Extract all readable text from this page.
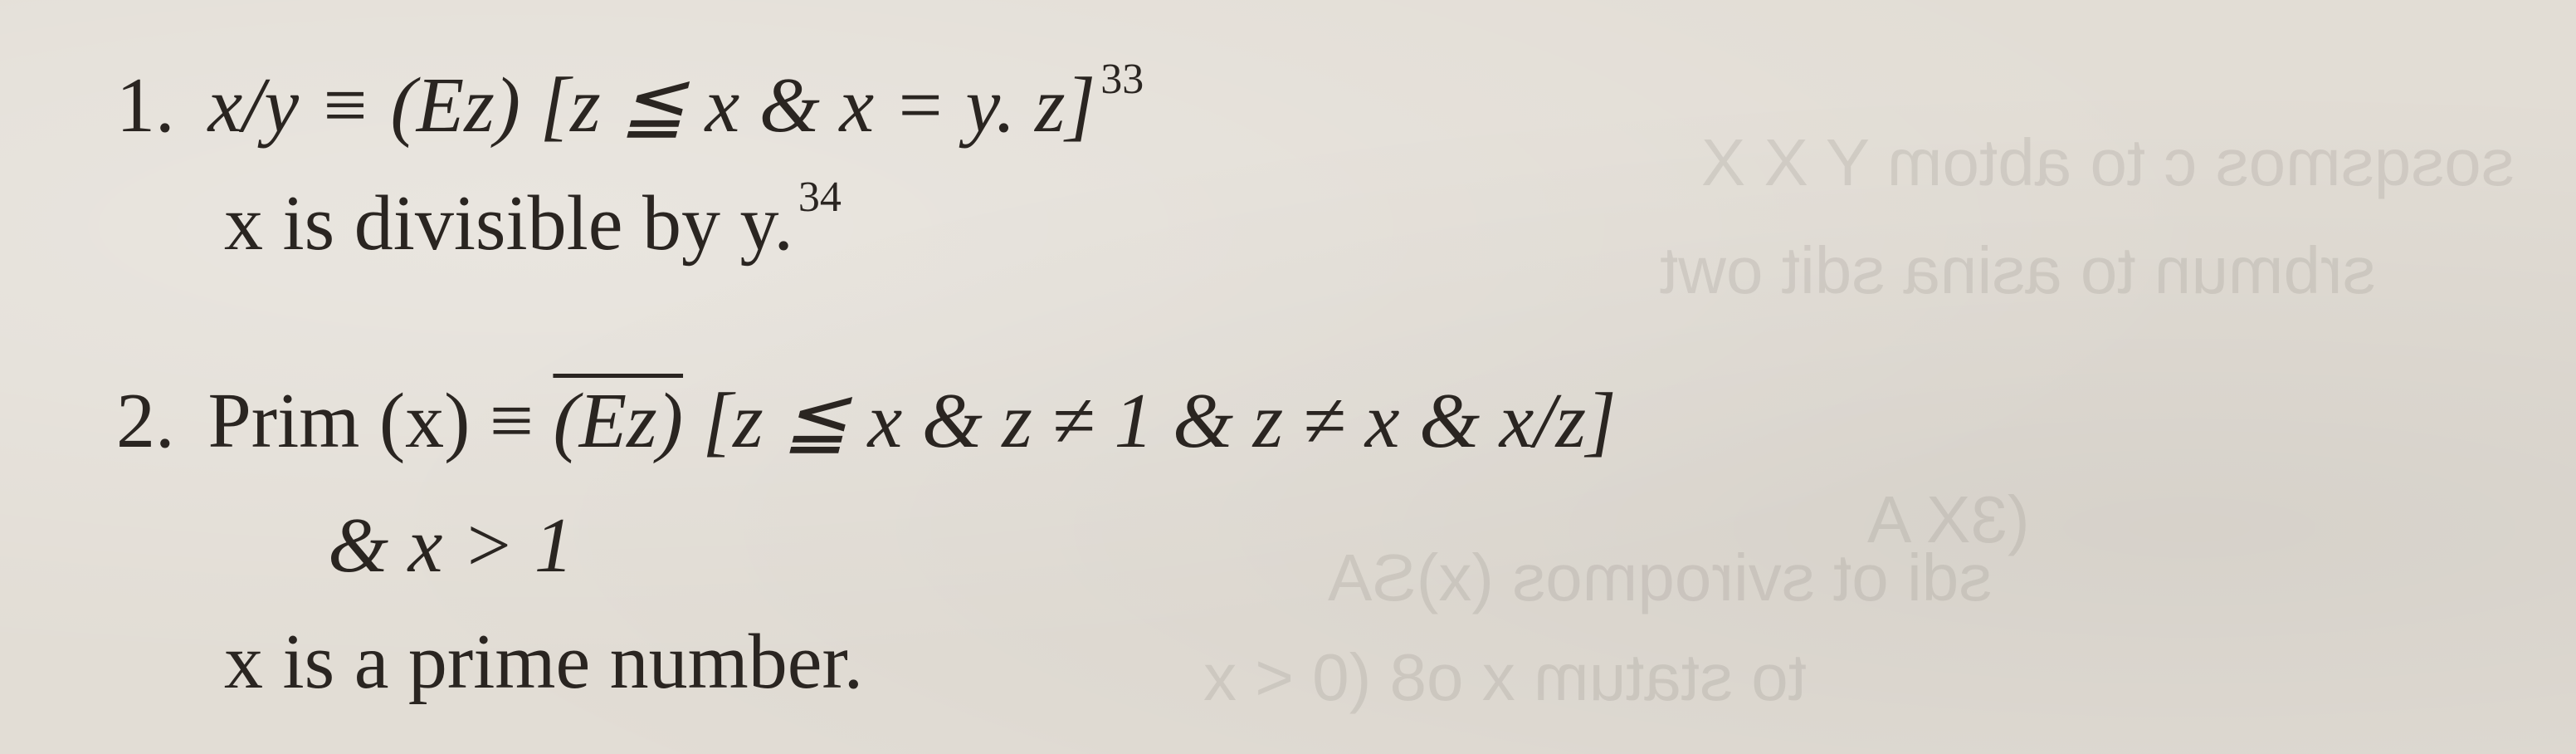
sosqsmos c to abtom Y X X
srbmun to asina sdit owt
(3X A
sdi ot sviroqmos (x)SA
to statum x o8 (0 < x
1. x/y ≡ (Ez) [z ≦ x & x = y. z] $^{33}$
x is divisible by y. $^{34}$
2. Prim (x) ≡ (Ez) [z ≦ x & z ≠ 1 & z ≠ x & x/z]
& x > 1
x is a prime number.
